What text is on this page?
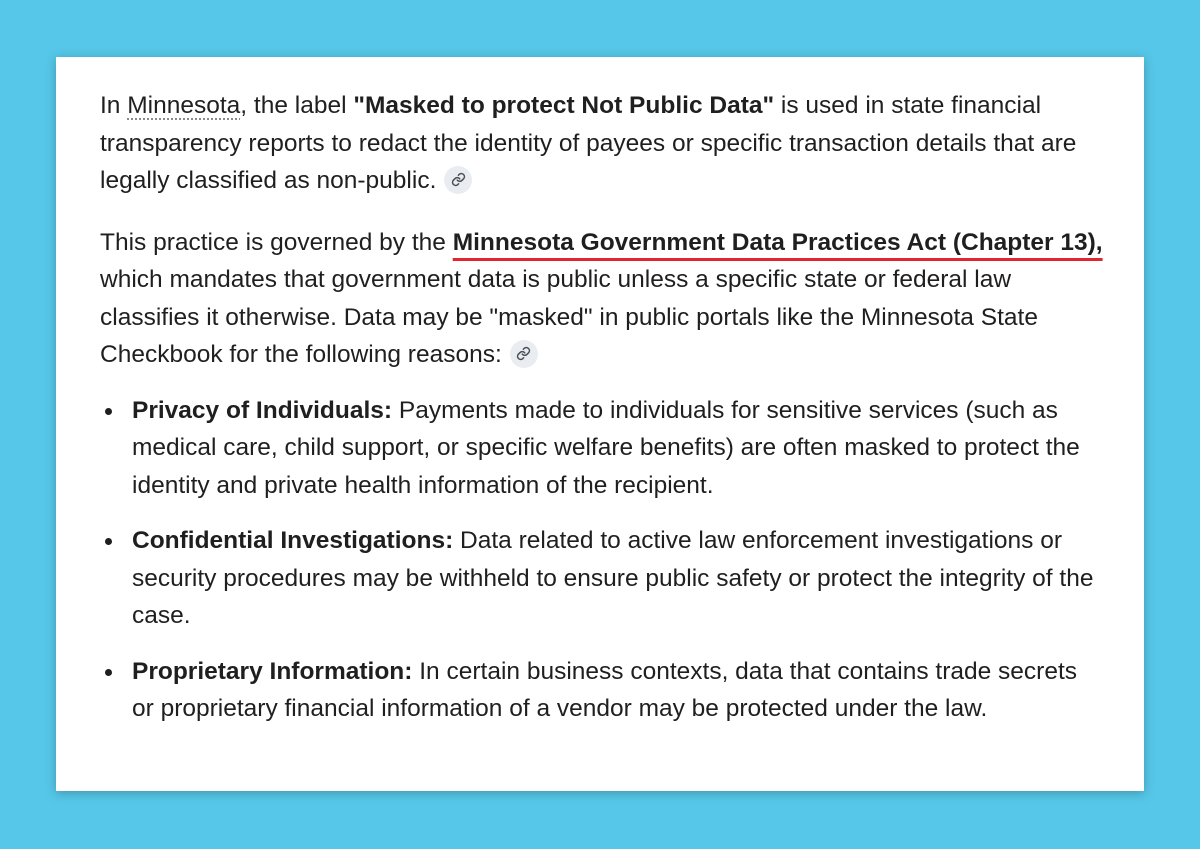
In Minnesota, the label "Masked to protect Not Public Data" is used in state financial transparency reports to redact the identity of payees or specific transaction details that are legally classified as non-public.

This practice is governed by the Minnesota Government Data Practices Act (Chapter 13), which mandates that government data is public unless a specific state or federal law classifies it otherwise. Data may be "masked" in public portals like the Minnesota State Checkbook for the following reasons:

Privacy of Individuals: Payments made to individuals for sensitive services (such as medical care, child support, or specific welfare benefits) are often masked to protect the identity and private health information of the recipient.
Confidential Investigations: Data related to active law enforcement investigations or security procedures may be withheld to ensure public safety or protect the integrity of the case.
Proprietary Information: In certain business contexts, data that contains trade secrets or proprietary financial information of a vendor may be protected under the law.
